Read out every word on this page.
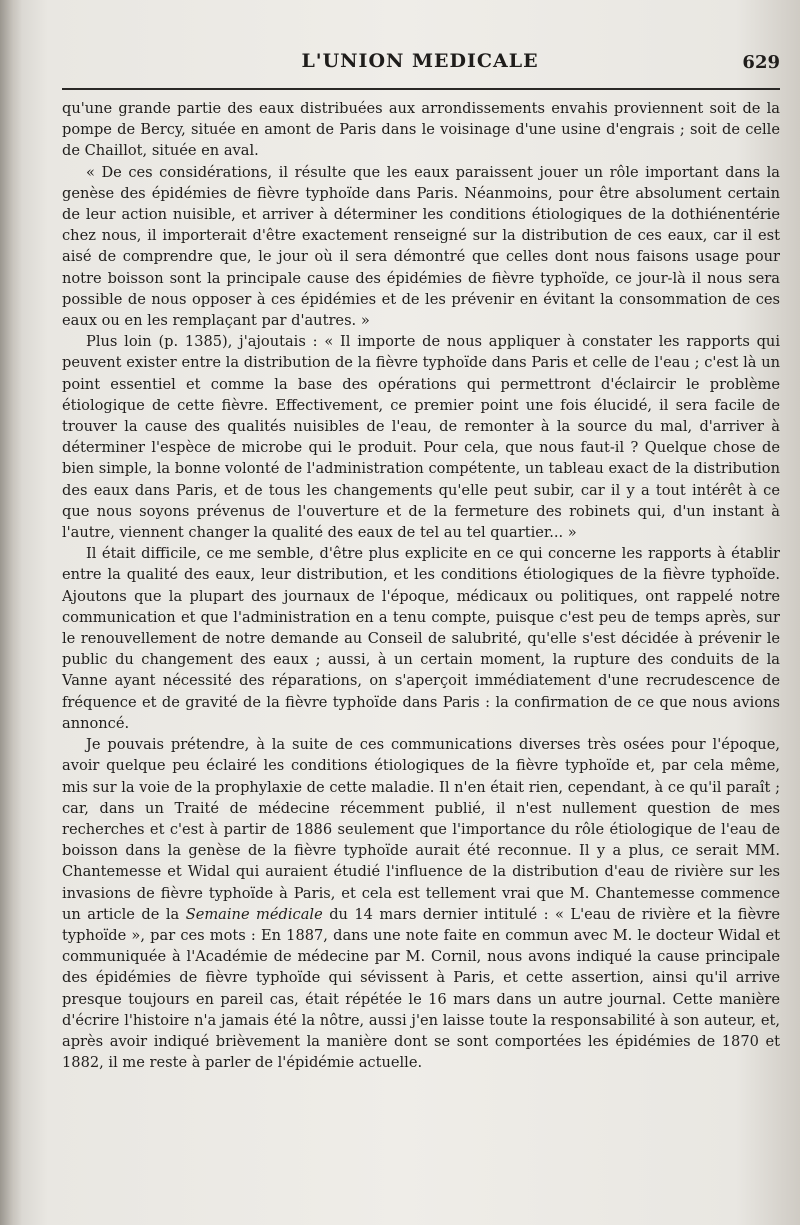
L'UNION MEDICALE	629

qu'une grande partie des eaux distribuées aux arrondissements envahis proviennent soit de la pompe de Bercy, située en amont de Paris dans le voisinage d'une usine d'engrais ; soit de celle de Chaillot, située en aval.

« De ces considérations, il résulte que les eaux paraissent jouer un rôle important dans la genèse des épidémies de fièvre typhoïde dans Paris. Néanmoins, pour être absolument certain de leur action nuisible, et arriver à déterminer les conditions étiologiques de la dothiénentérie chez nous, il importerait d'être exactement renseigné sur la distribution de ces eaux, car il est aisé de comprendre que, le jour où il sera démontré que celles dont nous faisons usage pour notre boisson sont la principale cause des épidémies de fièvre typhoïde, ce jour-là il nous sera possible de nous opposer à ces épidémies et de les prévenir en évitant la consommation de ces eaux ou en les remplaçant par d'autres. »

Plus loin (p. 1385), j'ajoutais : « Il importe de nous appliquer à constater les rapports qui peuvent exister entre la distribution de la fièvre typhoïde dans Paris et celle de l'eau ; c'est là un point essentiel et comme la base des opérations qui permettront d'éclaircir le problème étiologique de cette fièvre. Effectivement, ce premier point une fois élucidé, il sera facile de trouver la cause des qualités nuisibles de l'eau, de remonter à la source du mal, d'arriver à déterminer l'espèce de microbe qui le produit. Pour cela, que nous faut-il ? Quelque chose de bien simple, la bonne volonté de l'administration compétente, un tableau exact de la distribution des eaux dans Paris, et de tous les changements qu'elle peut subir, car il y a tout intérêt à ce que nous soyons prévenus de l'ouverture et de la fermeture des robinets qui, d'un instant à l'autre, viennent changer la qualité des eaux de tel au tel quartier... »

Il était difficile, ce me semble, d'être plus explicite en ce qui concerne les rapports à établir entre la qualité des eaux, leur distribution, et les conditions étiologiques de la fièvre typhoïde. Ajoutons que la plupart des journaux de l'époque, médicaux ou politiques, ont rappelé notre communication et que l'administration en a tenu compte, puisque c'est peu de temps après, sur le renouvellement de notre demande au Conseil de salubrité, qu'elle s'est décidée à prévenir le public du changement des eaux ; aussi, à un certain moment, la rupture des conduits de la Vanne ayant nécessité des réparations, on s'aperçoit immédiatement d'une recrudescence de fréquence et de gravité de la fièvre typhoïde dans Paris : la confirmation de ce que nous avions annoncé.

Je pouvais prétendre, à la suite de ces communications diverses très osées pour l'époque, avoir quelque peu éclairé les conditions étiologiques de la fièvre typhoïde et, par cela même, mis sur la voie de la prophylaxie de cette maladie. Il n'en était rien, cependant, à ce qu'il paraît ; car, dans un Traité de médecine récemment publié, il n'est nullement question de mes recherches et c'est à partir de 1886 seulement que l'importance du rôle étiologique de l'eau de boisson dans la genèse de la fièvre typhoïde aurait été reconnue. Il y a plus, ce serait MM. Chantemesse et Widal qui auraient étudié l'influence de la distribution d'eau de rivière sur les invasions de fièvre typhoïde à Paris, et cela est tellement vrai que M. Chantemesse commence un article de la Semaine médicale du 14 mars dernier intitulé : « L'eau de rivière et la fièvre typhoïde », par ces mots : En 1887, dans une note faite en commun avec M. le docteur Widal et communiquée à l'Académie de médecine par M. Cornil, nous avons indiqué la cause principale des épidémies de fièvre typhoïde qui sévissent à Paris, et cette assertion, ainsi qu'il arrive presque toujours en pareil cas, était répétée le 16 mars dans un autre journal. Cette manière d'écrire l'histoire n'a jamais été la nôtre, aussi j'en laisse toute la responsabilité à son auteur, et, après avoir indiqué brièvement la manière dont se sont comportées les épidémies de 1870 et 1882, il me reste à parler de l'épidémie actuelle.
